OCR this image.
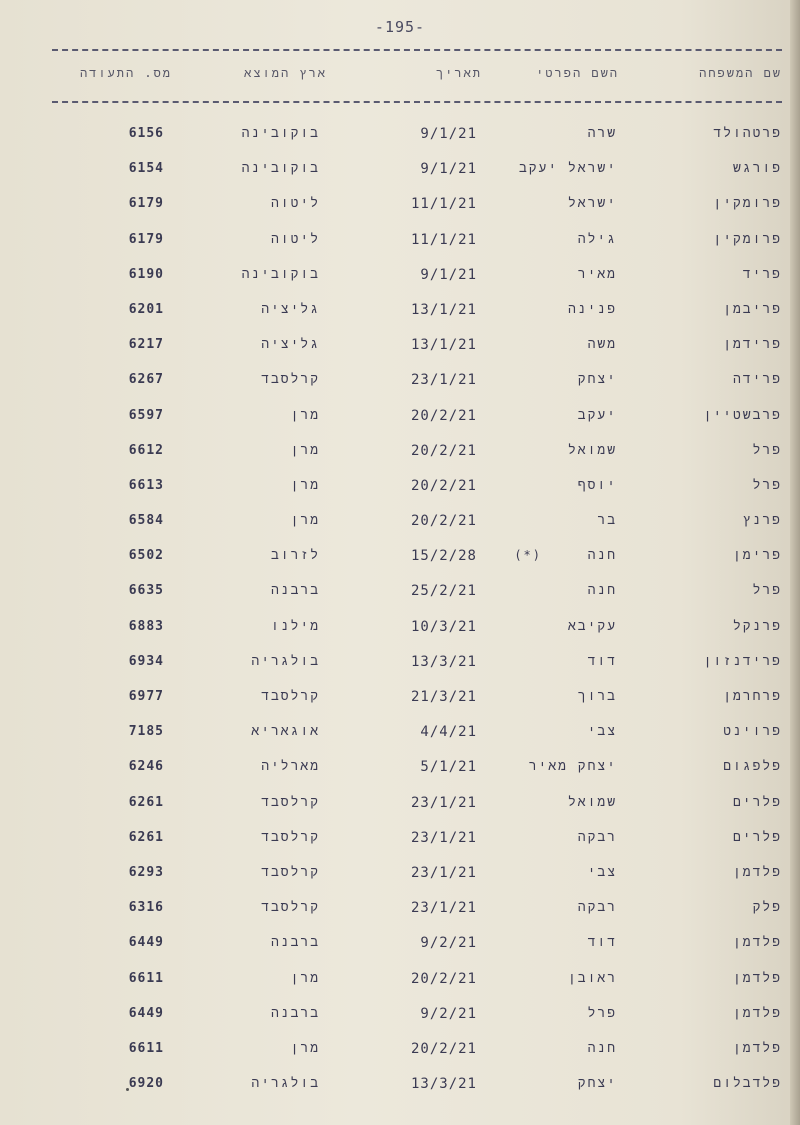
-195-
שם המשפחה
השם הפרטי
תאריך
ארץ המוצא
מס. התעודה
פרטהולד
שרה
9/1/21
בוקובינה
6156
פורגש
ישראל יעקב
9/1/21
בוקובינה
6154
פרומקין
ישראל
11/1/21
ליטוה
6179
פרומקין
גילה
11/1/21
ליטוה
6179
פריד
מאיר
9/1/21
בוקובינה
6190
פריבמן
פנינה
13/1/21
גליציה
6201
פרידמן
משה
13/1/21
גליציה
6217
פרידה
יצחק
23/1/21
קרלסבד
6267
פרבשטיין
יעקב
20/2/21
מרן
6597
פרל
שמואל
20/2/21
מרן
6612
פרל
יוסף
20/2/21
מרן
6613
פרנץ
בר
20/2/21
מרן
6584
פרימן
חנה
(*)
15/2/28
לזרוב
6502
פרל
חנה
25/2/21
ברבנה
6635
פרנקל
עקיבא
10/3/21
מילנו
6883
פרידנזון
דוד
13/3/21
בולגריה
6934
פרחרמן
ברוך
21/3/21
קרלסבד
6977
פרוינט
צבי
4/4/21
אוגאריא
7185
פלפגום
יצחק מאיר
5/1/21
מארליה
6246
פלרים
שמואל
23/1/21
קרלסבד
6261
פלרים
רבקה
23/1/21
קרלסבד
6261
פלדמן
צבי
23/1/21
קרלסבד
6293
פלק
רבקה
23/1/21
קרלסבד
6316
פלדמן
דוד
9/2/21
ברבנה
6449
פלדמן
ראובן
20/2/21
מרן
6611
פלדמן
פרל
9/2/21
ברבנה
6449
פלדמן
חנה
20/2/21
מרן
6611
פלדבלום
יצחק
13/3/21
בולגריה
6920
